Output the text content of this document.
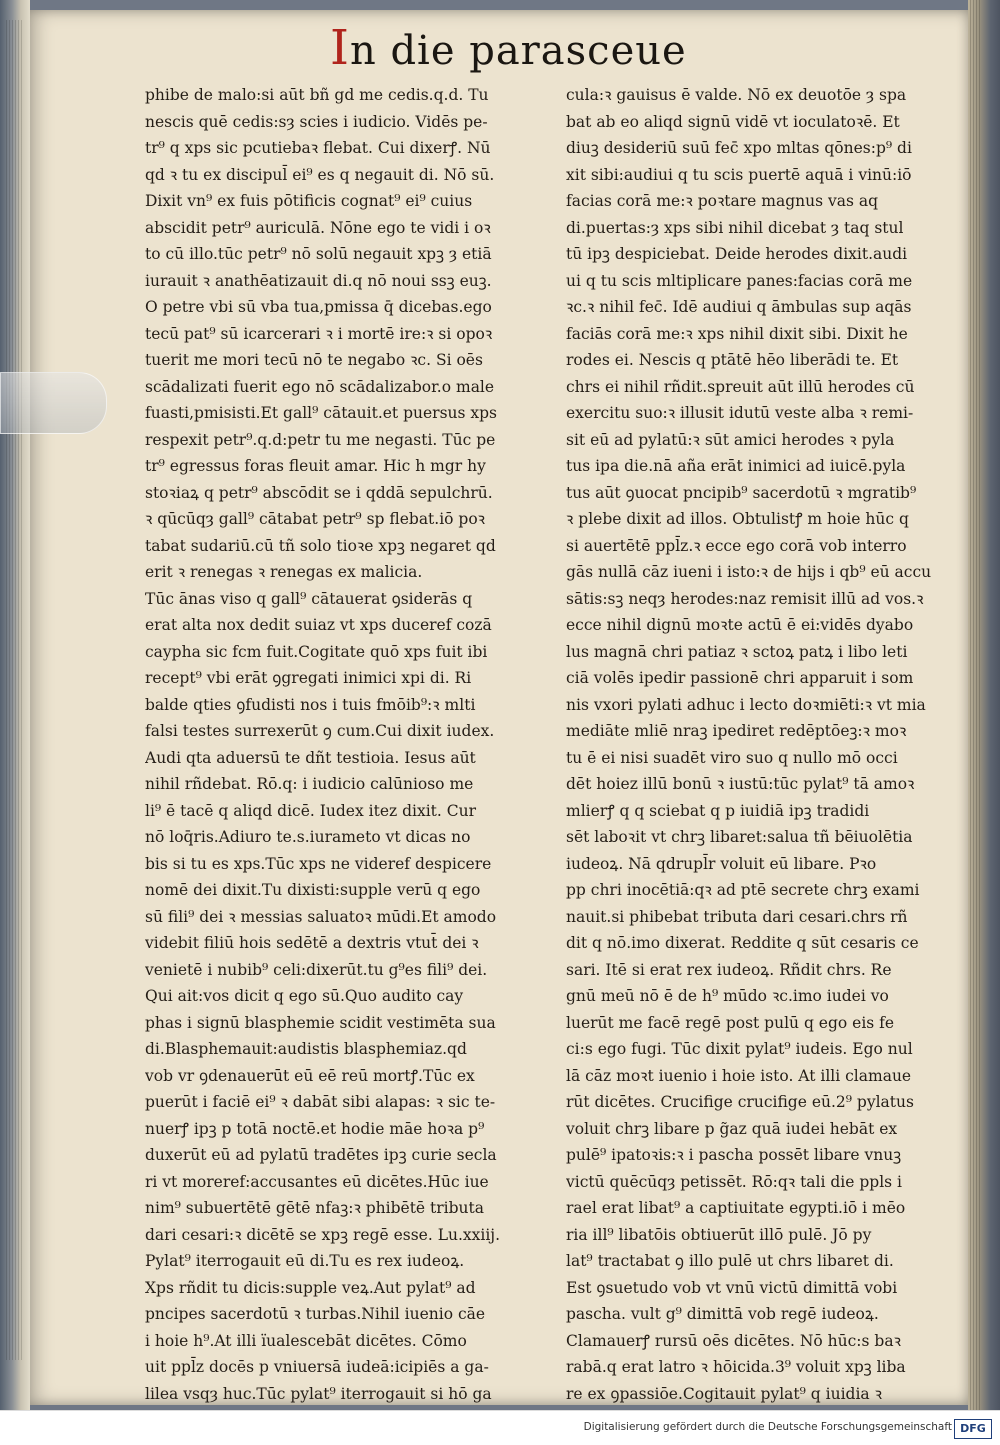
In die parasceue
phibe de malo:si aūt bñ gd me cedis.q.d. Tu
nescis quē cedis:sȝ scies i iudicio. Vidēs pe-
tr⁹ q xps sic pcutiebaꝛ flebat. Cui dixerꝭ. Nū
qd ꝛ tu ex discipul̄ ei⁹ es q negauit di. Nō sū.
Dixit vn⁹ ex fuis pōtificis cognat⁹ ei⁹ cuius
abscidit petr⁹ auriculā. Nōne ego te vidi i oꝛ
to cū illo.tūc petr⁹ nō solū negauit xpꝫ ȝ etiā
iurauit ꝛ anathēatizauit di.q nō noui ssꝫ euꝫ.
O petre vbi sū vba tua,pmissa q̄ dicebas.ego
tecū pat⁹ sū icarcerari ꝛ i mortē ire:ꝛ si opoꝛ
tuerit me mori tecū nō te negabo ꝛc. Si oēs
scādalizati fuerit ego nō scādalizabor.o male
fuasti,pmisisti.Et gall⁹ cātauit.et puersus xps
respexit petr⁹.q.d:petr tu me negasti. Tūc pe
tr⁹ egressus foras fleuit amar. Hic h mgr hy
stoꝛiaꝝ q petr⁹ abscōdit se i qddā sepulchrū.
ꝛ qūcūqȝ gall⁹ cātabat petr⁹ sp flebat.iō poꝛ
tabat sudariū.cū tñ solo tioꝛe xpꝫ negaret qd
erit ꝛ renegas ꝛ renegas ex malicia.
Tūc ānas viso q gall⁹ cātauerat ꝯsiderās q
erat alta nox dedit suiaz vt xps duceref cozā
caypha sic fcm fuit.Cogitate quō xps fuit ibi
recept⁹ vbi erāt ꝯgregati inimici xpi di. Ri
balde qties ꝯfudisti nos i tuis fmōib⁹:ꝛ mlti
falsi testes surrexerūt ꝯ cum.Cui dixit iudex.
Audi qta aduersū te dñt testioia. Iesus aūt
nihil rñdebat. Rō.q: i iudicio calūnioso me
li⁹ ē tacē q aliqd dicē. Iudex itez dixit. Cur
nō loq̄ris.Adiuro te.s.iurameto vt dicas no
bis si tu es xps.Tūc xps ne videref despicere
nomē dei dixit.Tu dixisti:supple verū q ego
sū fili⁹ dei ꝛ messias saluatoꝛ mūdi.Et amodo
videbit filiū hois sedētē a dextris vtut̄ dei ꝛ
venietē i nubib⁹ celi:dixerūt.tu g⁹es fili⁹ dei.
Qui ait:vos dicit q ego sū.Quo audito cay
phas i signū blasphemie scidit vestimēta sua
di.Blasphemauit:audistis blasphemiaz.qd
vob vr ꝯdenauerūt eū eē reū mortꝭ.Tūc ex
puerūt i faciē ei⁹ ꝛ dabāt sibi alapas: ꝛ sic te-
nuerꝭ ipꝫ p totā noctē.et hodie māe hoꝛa p⁹
duxerūt eū ad pylatū tradētes ipꝫ curie secla
ri vt moreref:accusantes eū dicētes.Hūc iue
nim⁹ subuertētē gētē nfaꝫ:ꝛ phibētē tributa
dari cesari:ꝛ dicētē se xpꝫ regē esse. Lu.xxiij.
Pylat⁹ iterrogauit eū di.Tu es rex iudeoꝝ.
Xps rñdit tu dicis:supple veꝝ.Aut pylat⁹ ad
pncipes sacerdotū ꝛ turbas.Nihil iuenio cāe
i hoie h⁹.At illi ïualescebāt dicētes. Cōmo
uit ppl̄z docēs p vniuersā iudeā:icipiēs a ga-
lilea vsqȝ huc.Tūc pylat⁹ iterrogauit si hō ga
cula:ꝛ gauisus ē valde. Nō ex deuotōe ȝ spa
bat ab eo aliqd signū vidē vt ioculatoꝛē. Et
diuꝫ desideriū suū fec̄ xpo mltas qōnes:p⁹ di
xit sibi:audiui q tu scis puertē aquā i vinū:iō
facias corā me:ꝛ poꝛtare magnus vas aq
di.puertas:ȝ xps sibi nihil dicebat ȝ taq stul
tū ipꝫ despiciebat. Deide herodes dixit.audi
ui q tu scis mltiplicare panes:facias corā me
ꝛc.ꝛ nihil fec̄. Idē audiui q āmbulas sup aqās
faciās corā me:ꝛ xps nihil dixit sibi. Dixit he
rodes ei. Nescis q ptātē hēo liberādi te. Et
chrs ei nihil rñdit.spreuit aūt illū herodes cū
exercitu suo:ꝛ illusit idutū veste alba ꝛ remi-
sit eū ad pylatū:ꝛ sūt amici herodes ꝛ pyla
tus ipa die.nā aña erāt inimici ad iuicē.pyla
tus aūt ꝯuocat pncipib⁹ sacerdotū ꝛ mgratib⁹
ꝛ plebe dixit ad illos. Obtulistꝭ m hoie hūc q
si auertētē ppl̄z.ꝛ ecce ego corā vob interro
gās nullā cāz iueni i isto:ꝛ de hijs i qb⁹ eū accu
sātis:sꝫ neqȝ herodes:naz remisit illū ad vos.ꝛ
ecce nihil dignū moꝛte actū ē ei:vidēs dyabo
lus magnā chri patiaz ꝛ sctoꝝ patꝝ i libo leti
ciā volēs ipedir passionē chri apparuit i som
nis vxori pylati adhuc i lecto doꝛmiēti:ꝛ vt mia
mediāte mliē nraꝫ ipediret redēptōeꝫ:ꝛ moꝛ
tu ē ei nisi suadēt viro suo q nullo mō occi
dēt hoiez illū bonū ꝛ iustū:tūc pylat⁹ tā amoꝛ
mlierꝭ q q sciebat q p iuidiā ipꝫ tradidi
sēt laboꝛit vt chrꝫ libaret:salua tñ bēiuolētia
iudeoꝝ. Nā qdrupl̄r voluit eū libare. Pꝛo
pp chri inocētiā:qꝛ ad ptē secrete chrꝫ exami
nauit.si phibebat tributa dari cesari.chrs rñ
dit q nō.imo dixerat. Reddite q sūt cesaris ce
sari. Itē si erat rex iudeoꝝ. Rñdit chrs. Re
gnū meū nō ē de h⁹ mūdo ꝛc.imo iudei vo
luerūt me facē regē post pulū q ego eis fe
ci:s ego fugi. Tūc dixit pylat⁹ iudeis. Ego nul
lā cāz moꝛt iuenio i hoie isto. At illi clamaue
rūt dicētes. Crucifige crucifige eū.2⁹ pylatus
voluit chrꝫ libare p g̃az quā iudei hebāt ex
pulē⁹ ipatoꝛis:ꝛ i pascha possēt libare vnuꝫ
victū quēcūqȝ petissēt. Rō:qꝛ tali die ppls i
rael erat libat⁹ a captiuitate egypti.iō i mēo
ria ill⁹ libatōis obtiuerūt illō pulē. Jō py
lat⁹ tractabat ꝯ illo pulē ut chrs libaret di.
Est ꝯsuetudo vob vt vnū victū dimittā vobi
pascha. vult g⁹ dimittā vob regē iudeoꝝ.
Clamauerꝭ rursū oēs dicētes. Nō hūc:s baꝛ
rabā.q erat latro ꝛ hōicida.3⁹ voluit xpꝫ liba
re ex ꝯpassiōe.Cogitauit pylat⁹ q iuidia ꝛ
Digitalisierung gefördert durch die Deutsche Forschungsgemeinschaft DFG
